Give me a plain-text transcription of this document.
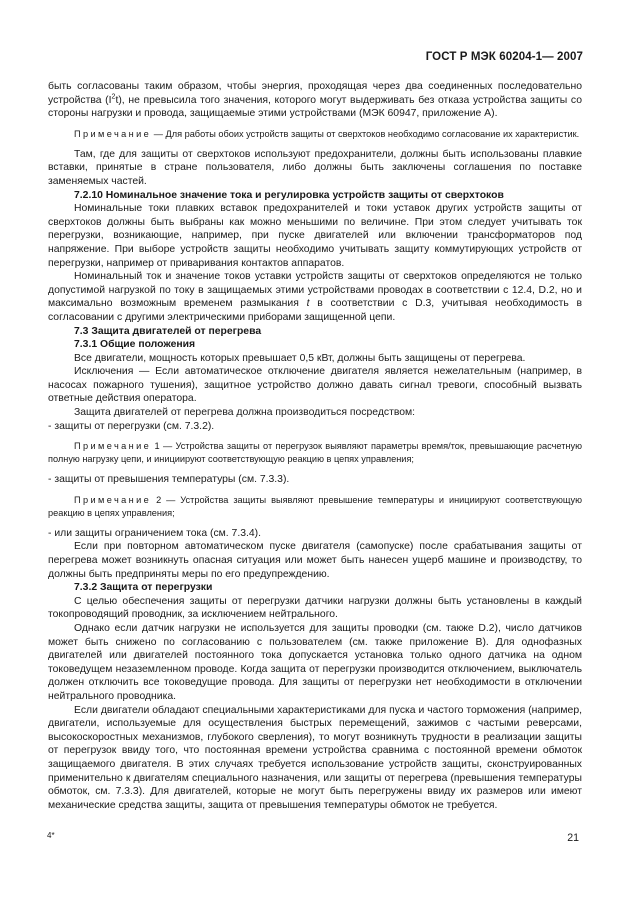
ГОСТ Р МЭК 60204-1— 2007

быть согласованы таким образом, чтобы энергия, проходящая через два соединенных последовательно устройства $(I^2t)$, не превысила того значения, которого могут выдерживать без отказа устройства защиты со стороны нагрузки и провода, защищаемые этими устройствами (МЭК 60947, приложение А).

Примечание — Для работы обоих устройств защиты от сверхтоков необходимо согласование их характеристик.

Там, где для защиты от сверхтоков используют предохранители, должны быть использованы плавкие вставки, принятые в стране пользователя, либо должны быть заключены соглашения по поставке заменяемых частей.

7.2.10 Номинальное значение тока и регулировка устройств защиты от сверхтоков

Номинальные токи плавких вставок предохранителей и токи уставок других устройств защиты от сверхтоков должны быть выбраны как можно меньшими по величине. При этом следует учитывать ток перегрузки, возникающие, например, при пуске двигателей или включении трансформаторов под напряжение. При выборе устройств защиты необходимо учитывать защиту коммутирующих устройств от перегрузки, например от приваривания контактов аппаратов.

Номинальный ток и значение токов уставки устройств защиты от сверхтоков определяются не только допустимой нагрузкой по току в защищаемых этими устройствами проводах в соответствии с 12.4, D.2, но и максимально возможным временем размыкания t в соответствии с D.3, учитывая необходимость в согласовании с другими электрическими приборами защищенной цепи.

7.3 Защита двигателей от перегрева

7.3.1 Общие положения

Все двигатели, мощность которых превышает 0,5 кВт, должны быть защищены от перегрева.

Исключения — Если автоматическое отключение двигателя является нежелательным (например, в насосах пожарного тушения), защитное устройство должно давать сигнал тревоги, способный вызвать ответные действия оператора.

Защита двигателей от перегрева должна производиться посредством:

- защиты от перегрузки (см. 7.3.2).

Примечание 1 — Устройства защиты от перегрузок выявляют параметры время/ток, превышающие расчетную полную нагрузку цепи, и инициируют соответствующую реакцию в цепях управления;

- защиты от превышения температуры (см. 7.3.3).

Примечание 2 — Устройства защиты выявляют превышение температуры и инициируют соответствующую реакцию в цепях управления;

- или защиты ограничением тока (см. 7.3.4).

Если при повторном автоматическом пуске двигателя (самопуске) после срабатывания защиты от перегрева может возникнуть опасная ситуация или может быть нанесен ущерб машине и производству, то должны быть предприняты меры по его предупреждению.

7.3.2 Защита от перегрузки

С целью обеспечения защиты от перегрузки датчики нагрузки должны быть установлены в каждый токопроводящий проводник, за исключением нейтрального.

Однако если датчик нагрузки не используется для защиты проводки (см. также D.2), число датчиков может быть снижено по согласованию с пользователем (см. также приложение В). Для однофазных двигателей или двигателей постоянного тока допускается установка только одного датчика на одном токоведущем незаземленном проводе. Когда защита от перегрузки производится отключением, выключатель должен отключить все токоведущие провода. Для защиты от перегрузки нет необходимости в отключении нейтрального проводника.

Если двигатели обладают специальными характеристиками для пуска и частого торможения (например, двигатели, используемые для осуществления быстрых перемещений, зажимов с частыми реверсами, высокоскоростных механизмов, глубокого сверления), то могут возникнуть трудности в реализации защиты от перегрузок ввиду того, что постоянная времени устройства сравнима с постоянной времени обмоток защищаемого двигателя. В этих случаях требуется использование устройств защиты, сконструированных применительно к двигателям специального назначения, или защиты от перегрева (превышения температуры обмоток, см. 7.3.3). Для двигателей, которые не могут быть перегружены ввиду их размеров или имеют механические средства защиты, защита от превышения температуры обмоток не требуется.

4*	21
